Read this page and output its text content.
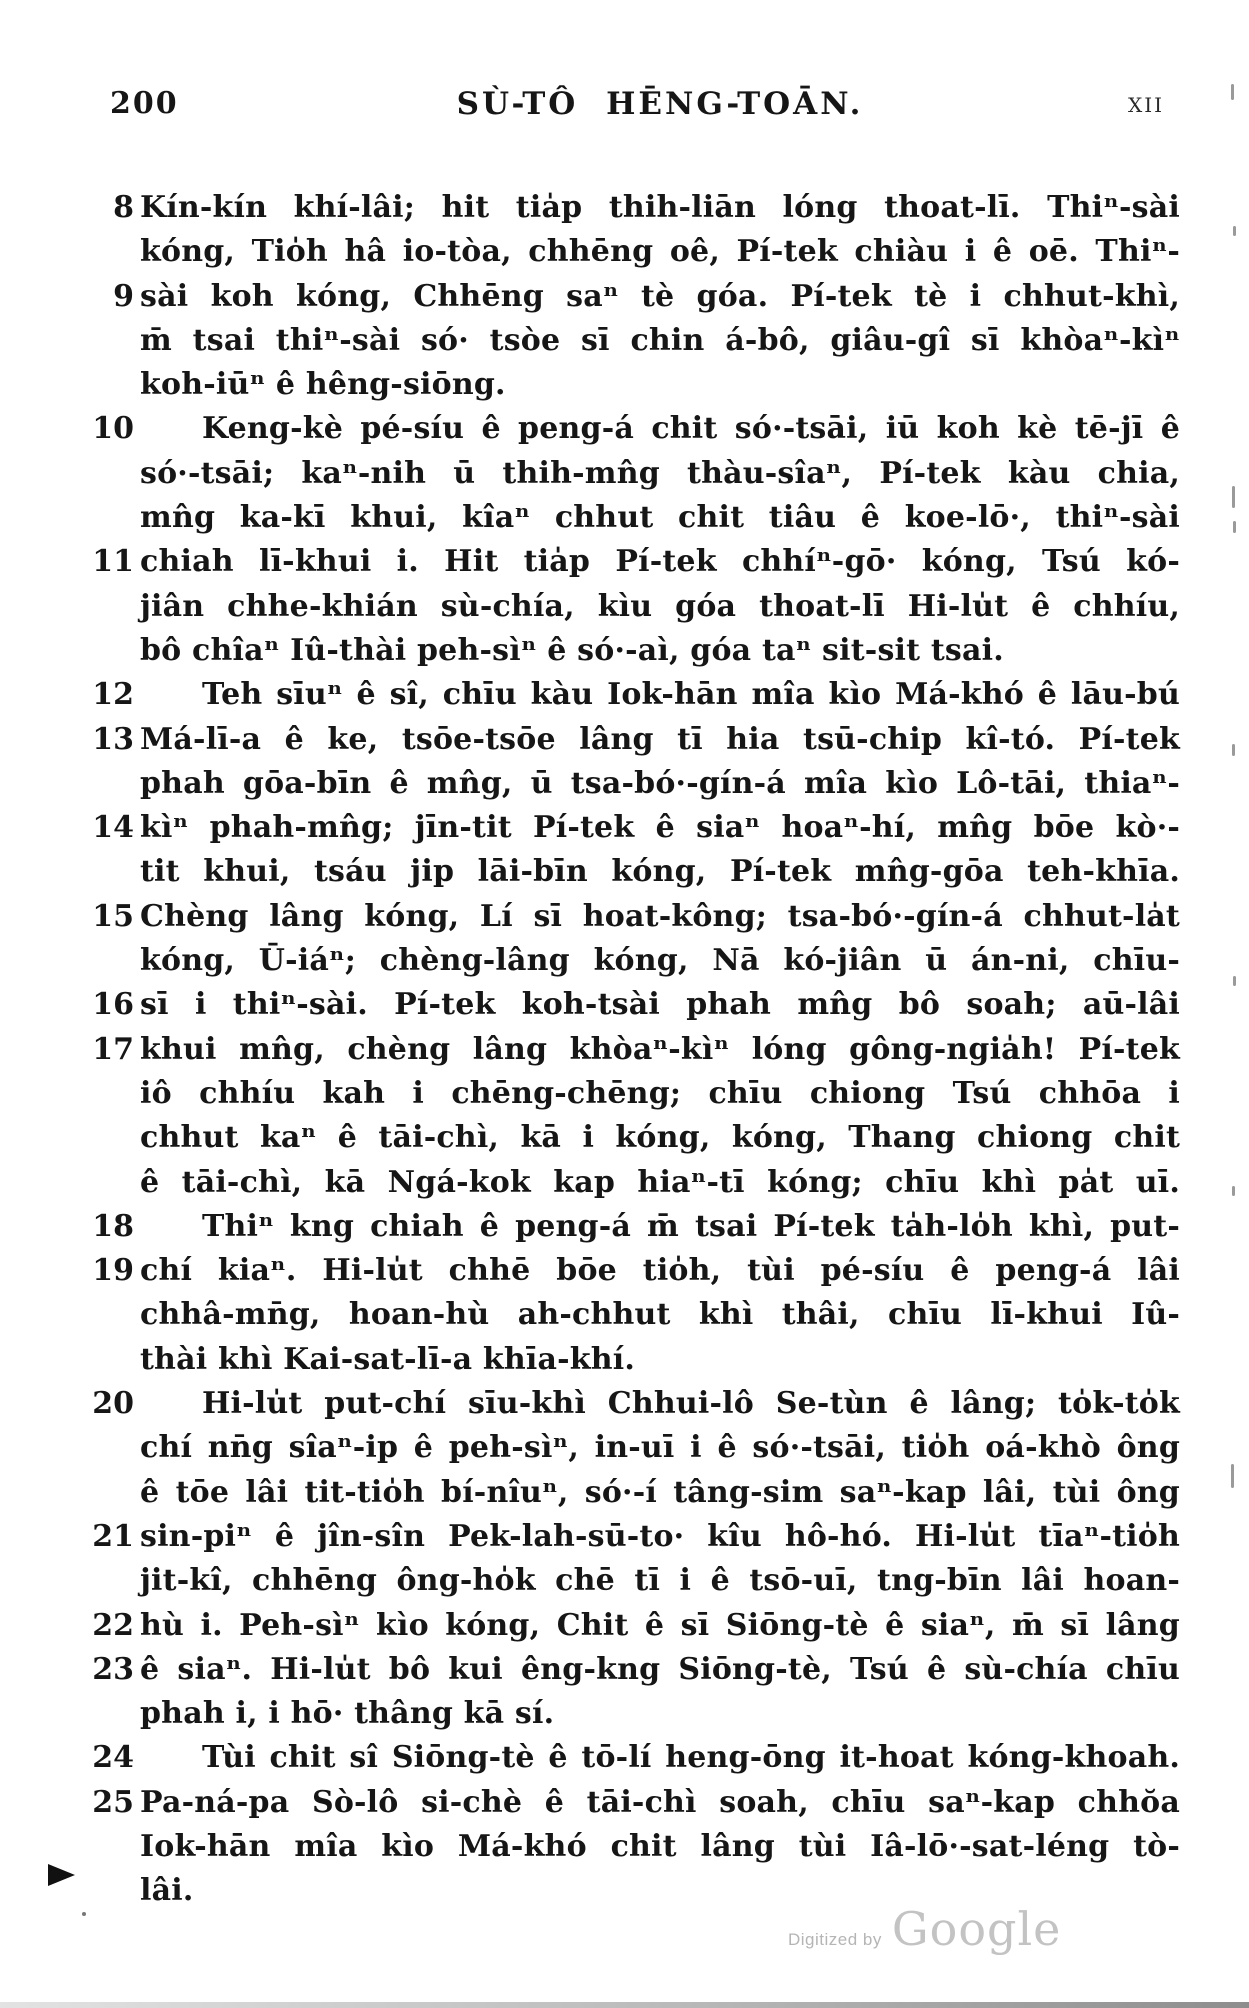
200	SÙ-TÔ HĒNG-TOĀN.	XII
8 Kín-kín khí-lâi; hit tia̍p thih-liān lóng thoat-lī. Thiⁿ-sài
kóng, Tio̍h hâ io-tòa, chhēng oê, Pí-tek chiàu i ê oē. Thiⁿ-
9 sài koh kóng, Chhēng saⁿ tè góa. Pí-tek tè i chhut-khì,
m̄ tsai thiⁿ-sài só· tsòe sī chin á-bô, giâu-gî sī khòaⁿ-kìⁿ
koh-iūⁿ ê hêng-siōng.
10	Keng-kè pé-síu ê peng-á chit só·-tsāi, iū koh kè tē-jī ê
só·-tsāi; kaⁿ-nih ū thih-mn̂g thàu-sîaⁿ, Pí-tek kàu chia,
mn̂g ka-kī khui, kîaⁿ chhut chit tiâu ê koe-lō·, thiⁿ-sài
11 chiah lī-khui i. Hit tia̍p Pí-tek chhíⁿ-gō· kóng, Tsú kó-
jiân chhe-khián sù-chía, kìu góa thoat-lī Hi-lu̍t ê chhíu,
bô chîaⁿ Iû-thài peh-sìⁿ ê só·-aì, góa taⁿ sit-sit tsai.
12	Teh sīuⁿ ê sî, chīu kàu Iok-hān mîa kìo Má-khó ê lāu-bú
13 Má-lī-a ê ke, tsōe-tsōe lâng tī hia tsū-chip kî-tó. Pí-tek
phah gōa-bīn ê mn̂g, ū tsa-bó·-gín-á mîa kìo Lô-tāi, thiaⁿ-
14 kìⁿ phah-mn̂g; jīn-tit Pí-tek ê siaⁿ hoaⁿ-hí, mn̂g bōe kò·-
tit khui, tsáu jip lāi-bīn kóng, Pí-tek mn̂g-gōa teh-khīa.
15 Chèng lâng kóng, Lí sī hoat-kông; tsa-bó·-gín-á chhut-la̍t
kóng, Ū-iáⁿ; chèng-lâng kóng, Nā kó-jiân ū án-ni, chīu-
16 sī i thiⁿ-sài. Pí-tek koh-tsài phah mn̂g bô soah; aū-lâi
17 khui mn̂g, chèng lâng khòaⁿ-kìⁿ lóng gông-ngia̍h! Pí-tek
iô chhíu kah i chēng-chēng; chīu chiong Tsú chhōa i
chhut kaⁿ ê tāi-chì, kā i kóng, kóng, Thang chiong chit
ê tāi-chì, kā Ngá-kok kap hiaⁿ-tī kóng; chīu khì pa̍t uī.
18	Thiⁿ kng chiah ê peng-á m̄ tsai Pí-tek ta̍h-lo̍h khì, put-
19 chí kiaⁿ. Hi-lu̍t chhē bōe tio̍h, tùi pé-síu ê peng-á lâi
chhâ-mn̄g, hoan-hù ah-chhut khì thâi, chīu lī-khui Iû-
thài khì Kai-sat-lī-a khīa-khí.
20	Hi-lu̍t put-chí sīu-khì Chhui-lô Se-tùn ê lâng; to̍k-to̍k
chí nn̄g sîaⁿ-ip ê peh-sìⁿ, in-uī i ê só·-tsāi, tio̍h oá-khò ông
ê tōe lâi tit-tio̍h bí-nîuⁿ, só·-í tâng-sim saⁿ-kap lâi, tùi ông
21 sin-piⁿ ê jîn-sîn Pek-lah-sū-to· kîu hô-hó. Hi-lu̍t tīaⁿ-tio̍h
jit-kî, chhēng ông-ho̍k chē tī i ê tsō-uī, tng-bīn lâi hoan-
22 hù i. Peh-sìⁿ kìo kóng, Chit ê sī Siōng-tè ê siaⁿ, m̄ sī lâng
23 ê siaⁿ. Hi-lu̍t bô kui êng-kng Siōng-tè, Tsú ê sù-chía chīu
phah i, i hō· thâng kā sí.
24	Tùi chit sî Siōng-tè ê tō-lí heng-ōng it-hoat kóng-khoah.
25 Pa-ná-pa Sò-lô si-chè ê tāi-chì soah, chīu saⁿ-kap chhŏa
Iok-hān mîa kìo Má-khó chit lâng tùi Iâ-lō·-sat-léng tò-
lâi.
Digitized by Google
